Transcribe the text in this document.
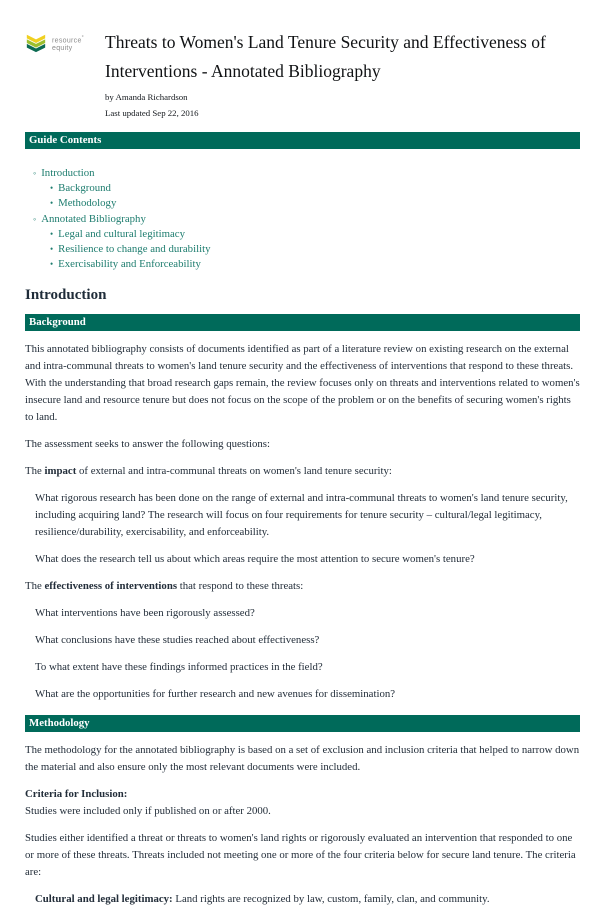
resource°
equity	Threats to Women's Land Tenure Security and Effectiveness of Interventions - Annotated Bibliography
by Amanda Richardson
Last updated Sep 22, 2016
Guide Contents
◦ Introduction
• Background
• Methodology
◦ Annotated Bibliography
• Legal and cultural legitimacy
• Resilience to change and durability
• Exercisability and Enforceability
Introduction
Background

This annotated bibliography consists of documents identified as part of a literature review on existing research on the external and intra-communal threats to women's land tenure security and the effectiveness of interventions that respond to these threats. With the understanding that broad research gaps remain, the review focuses only on threats and interventions related to women's insecure land and resource tenure but does not focus on the scope of the problem or on the benefits of securing women's rights to land.

The assessment seeks to answer the following questions:

The impact of external and intra-communal threats on women's land tenure security:

What rigorous research has been done on the range of external and intra-communal threats to women's land tenure security, including acquiring land? The research will focus on four requirements for tenure security – cultural/legal legitimacy, resilience/durability, exercisability, and enforceability.

What does the research tell us about which areas require the most attention to secure women's tenure?

The effectiveness of interventions that respond to these threats:

What interventions have been rigorously assessed?

What conclusions have these studies reached about effectiveness?

To what extent have these findings informed practices in the field?

What are the opportunities for further research and new avenues for dissemination?

Methodology

The methodology for the annotated bibliography is based on a set of exclusion and inclusion criteria that helped to narrow down the material and also ensure only the most relevant documents were included.

Criteria for Inclusion:
Studies were included only if published on or after 2000.

Studies either identified a threat or threats to women's land rights or rigorously evaluated an intervention that responded to one or more of these threats. Threats included not meeting one or more of the four criteria below for secure land tenure. The criteria are:

Cultural and legal legitimacy: Land rights are recognized by law, custom, family, clan, and community.
